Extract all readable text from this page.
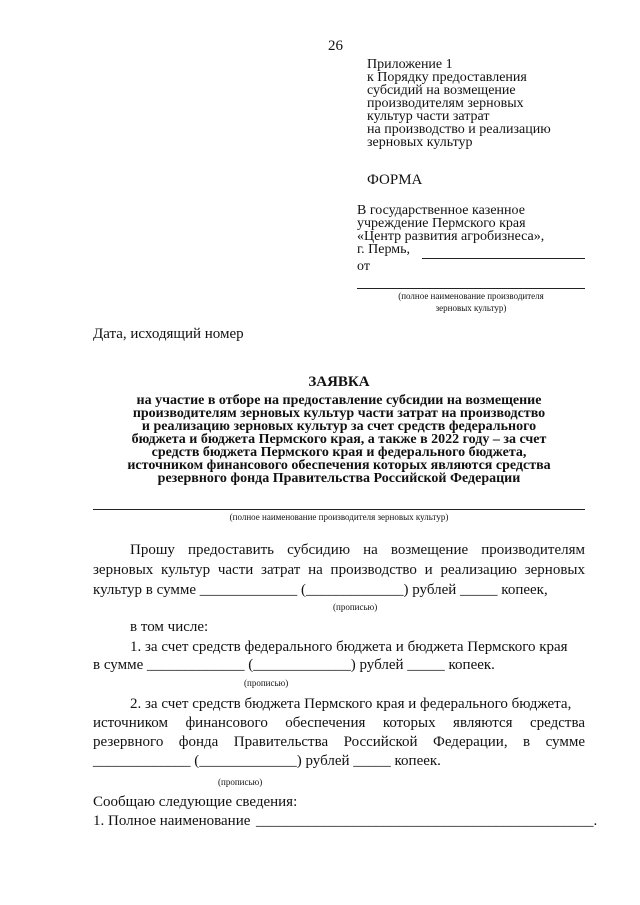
26
Приложение 1
к Порядку предоставления
субсидий на возмещение
производителям зерновых
культур части затрат
на производство и реализацию
зерновых культур
ФОРМА
В государственное казенное
учреждение Пермского края
«Центр развития агробизнеса»,
г. Пермь,
от
(полное наименование производителя
зерновых культур)
Дата, исходящий номер
ЗАЯВКА
на участие в отборе на предоставление субсидии на возмещение
производителям зерновых культур части затрат на производство
и реализацию зерновых культур за счет средств федерального
бюджета и бюджета Пермского края, а также в 2022 году – за счет
средств бюджета Пермского края и федерального бюджета,
источником финансового обеспечения которых являются средства
резервного фонда Правительства Российской Федерации
(полное наименование производителя зерновых культур)
Прошу предоставить субсидию на возмещение производителям
зерновых культур части затрат на производство и реализацию зерновых
культур в сумме _____________ (_____________) рублей _____ копеек,
(прописью)
в том числе:
1. за счет средств федерального бюджета и бюджета Пермского края
в сумме _____________ (_____________) рублей _____ копеек.
(прописью)
2. за счет средств бюджета Пермского края и федерального бюджета,
источником финансового обеспечения которых являются средства
резервного фонда Правительства Российской Федерации, в сумме
_____________ (_____________) рублей _____ копеек.
(прописью)
Сообщаю следующие сведения:
1. Полное наименование _____________________________________________.
